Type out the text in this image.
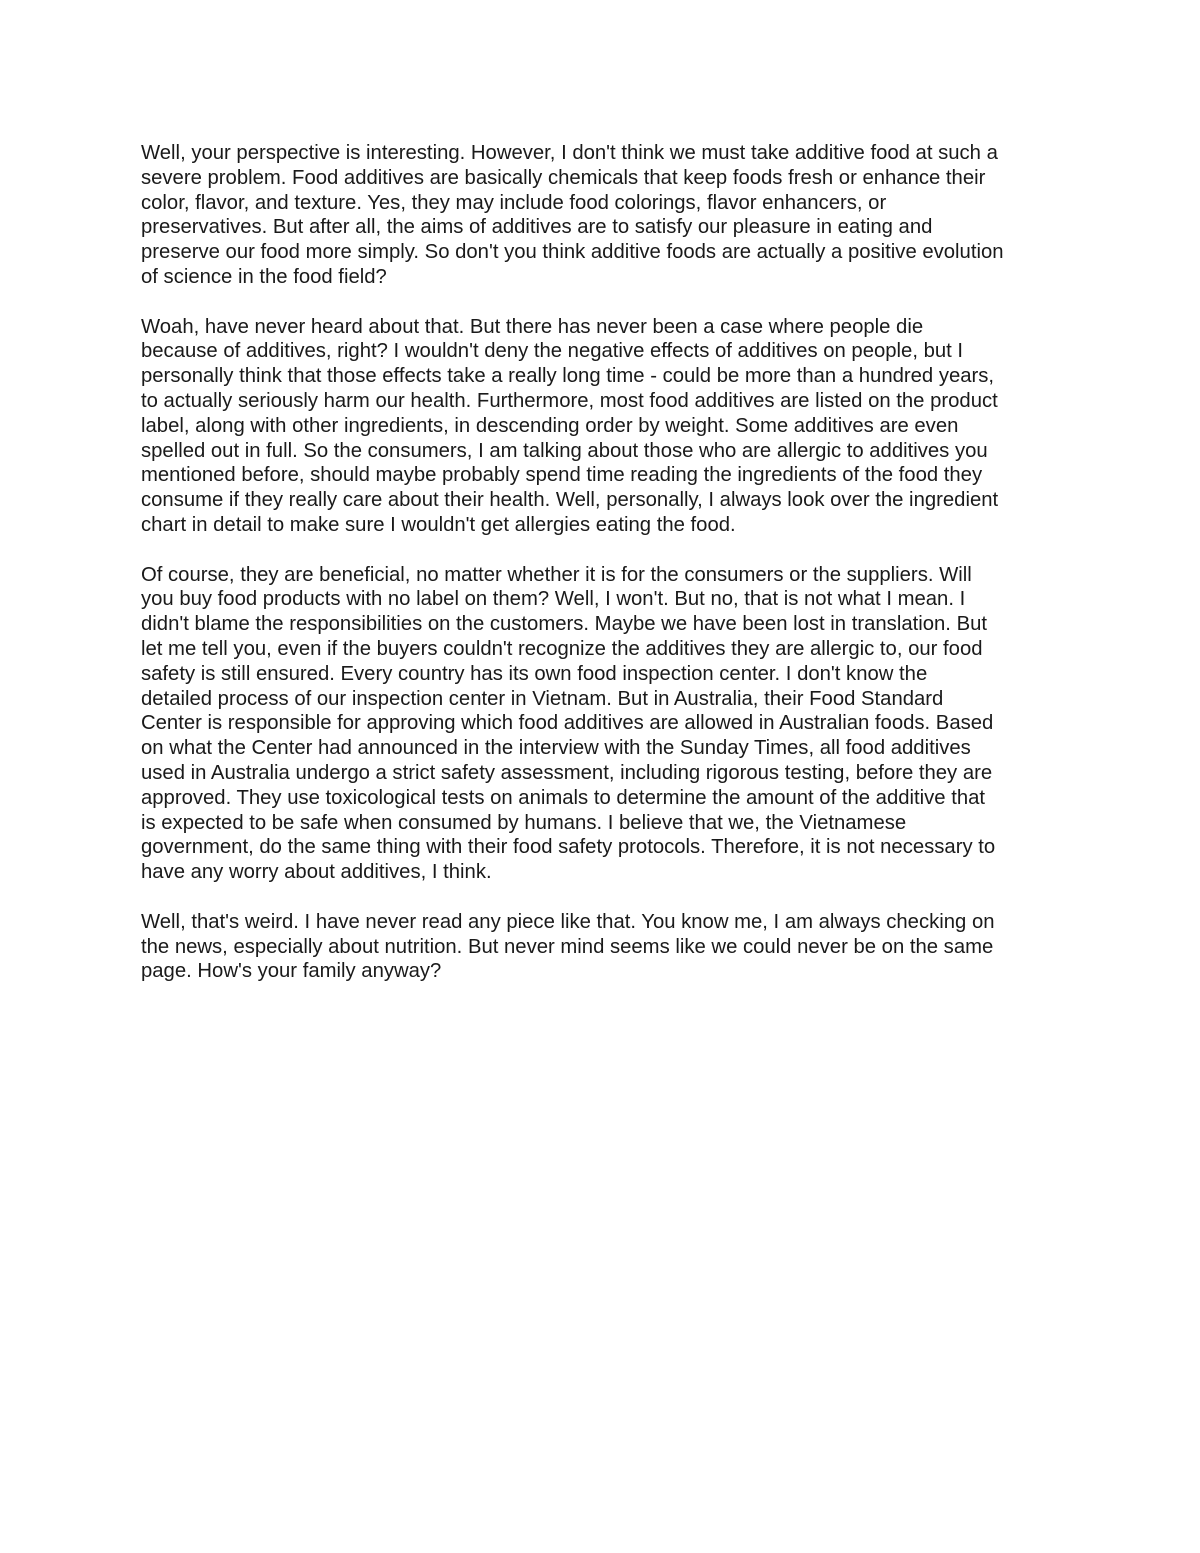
Well, your perspective is interesting. However, I don't think we must take additive food at such a
severe problem. Food additives are basically chemicals that keep foods fresh or enhance their
color, flavor, and texture. Yes, they may include food colorings, flavor enhancers, or
preservatives. But after all, the aims of additives are to satisfy our pleasure in eating and
preserve our food more simply. So don't you think additive foods are actually a positive evolution
of science in the food field?

Woah, have never heard about that. But there has never been a case where people die
because of additives, right? I wouldn't deny the negative effects of additives on people, but I
personally think that those effects take a really long time - could be more than a hundred years,
to actually seriously harm our health. Furthermore, most food additives are listed on the product
label, along with other ingredients, in descending order by weight. Some additives are even
spelled out in full. So the consumers, I am talking about those who are allergic to additives you
mentioned before, should maybe probably spend time reading the ingredients of the food they
consume if they really care about their health. Well, personally, I always look over the ingredient
chart in detail to make sure I wouldn't get allergies eating the food.

Of course, they are beneficial, no matter whether it is for the consumers or the suppliers. Will
you buy food products with no label on them? Well, I won't. But no, that is not what I mean. I
didn't blame the responsibilities on the customers. Maybe we have been lost in translation. But
let me tell you, even if the buyers couldn't recognize the additives they are allergic to, our food
safety is still ensured. Every country has its own food inspection center. I don't know the
detailed process of our inspection center in Vietnam. But in Australia, their Food Standard
Center is responsible for approving which food additives are allowed in Australian foods. Based
on what the Center had announced in the interview with the Sunday Times, all food additives
used in Australia undergo a strict safety assessment, including rigorous testing, before they are
approved. They use toxicological tests on animals to determine the amount of the additive that
is expected to be safe when consumed by humans. I believe that we, the Vietnamese
government, do the same thing with their food safety protocols. Therefore, it is not necessary to
have any worry about additives, I think.

Well, that's weird. I have never read any piece like that. You know me, I am always checking on
the news, especially about nutrition. But never mind seems like we could never be on the same
page. How's your family anyway?
